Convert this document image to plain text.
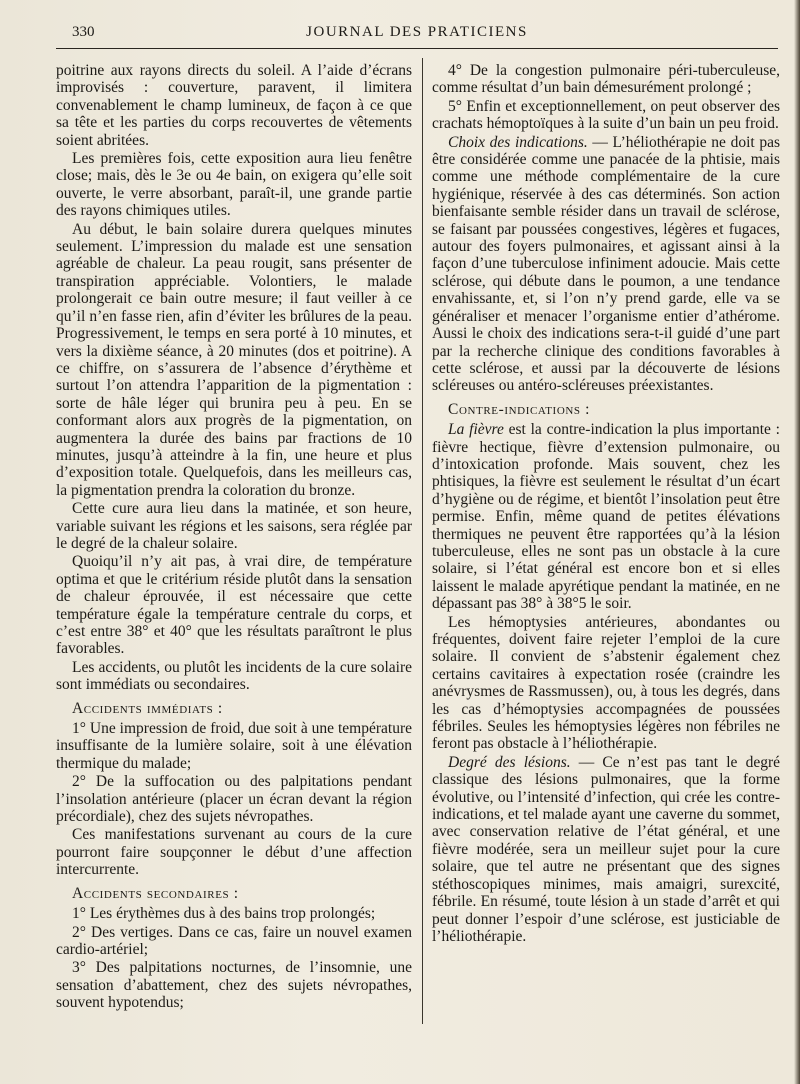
330	JOURNAL DES PRATICIENS

poitrine aux rayons directs du soleil. A l’aide d’écrans improvisés : couverture, paravent, il limitera convenablement le champ lumineux, de façon à ce que sa tête et les parties du corps recouvertes de vêtements soient abritées.

Les premières fois, cette exposition aura lieu fenêtre close; mais, dès le 3e ou 4e bain, on exigera qu’elle soit ouverte, le verre absorbant, paraît-il, une grande partie des rayons chimiques utiles.

Au début, le bain solaire durera quelques minutes seulement. L’impression du malade est une sensation agréable de chaleur. La peau rougit, sans présenter de transpiration appréciable. Volontiers, le malade prolongerait ce bain outre mesure; il faut veiller à ce qu’il n’en fasse rien, afin d’éviter les brûlures de la peau. Progressivement, le temps en sera porté à 10 minutes, et vers la dixième séance, à 20 minutes (dos et poitrine). A ce chiffre, on s’assurera de l’absence d’érythème et surtout l’on attendra l’apparition de la pigmentation : sorte de hâle léger qui brunira peu à peu. En se conformant alors aux progrès de la pigmentation, on augmentera la durée des bains par fractions de 10 minutes, jusqu’à atteindre à la fin, une heure et plus d’exposition totale. Quelquefois, dans les meilleurs cas, la pigmentation prendra la coloration du bronze.

Cette cure aura lieu dans la matinée, et son heure, variable suivant les régions et les saisons, sera réglée par le degré de la chaleur solaire.

Quoiqu’il n’y ait pas, à vrai dire, de température optima et que le critérium réside plutôt dans la sensation de chaleur éprouvée, il est nécessaire que cette température égale la température centrale du corps, et c’est entre 38° et 40° que les résultats paraîtront le plus favorables.

Les accidents, ou plutôt les incidents de la cure solaire sont immédiats ou secondaires.

Accidents immédiats :

1° Une impression de froid, due soit à une température insuffisante de la lumière solaire, soit à une élévation thermique du malade;

2° De la suffocation ou des palpitations pendant l’insolation antérieure (placer un écran devant la région précordiale), chez des sujets névropathes.

Ces manifestations survenant au cours de la cure pourront faire soupçonner le début d’une affection intercurrente.

Accidents secondaires :

1° Les érythèmes dus à des bains trop prolongés;

2° Des vertiges. Dans ce cas, faire un nouvel examen cardio-artériel;

3° Des palpitations nocturnes, de l’insomnie, une sensation d’abattement, chez des sujets névropathes, souvent hypotendus;

4° De la congestion pulmonaire péri-tuberculeuse, comme résultat d’un bain démesurément prolongé ;

5° Enfin et exceptionnellement, on peut observer des crachats hémoptoïques à la suite d’un bain un peu froid.

Choix des indications. — L’héliothérapie ne doit pas être considérée comme une panacée de la phtisie, mais comme une méthode complémentaire de la cure hygiénique, réservée à des cas déterminés. Son action bienfaisante semble résider dans un travail de sclérose, se faisant par poussées congestives, légères et fugaces, autour des foyers pulmonaires, et agissant ainsi à la façon d’une tuberculose infiniment adoucie. Mais cette sclérose, qui débute dans le poumon, a une tendance envahissante, et, si l’on n’y prend garde, elle va se généraliser et menacer l’organisme entier d’athérome. Aussi le choix des indications sera-t-il guidé d’une part par la recherche clinique des conditions favorables à cette sclérose, et aussi par la découverte de lésions scléreuses ou antéro-scléreuses préexistantes.

Contre-indications :

La fièvre est la contre-indication la plus importante : fièvre hectique, fièvre d’extension pulmonaire, ou d’intoxication profonde. Mais souvent, chez les phtisiques, la fièvre est seulement le résultat d’un écart d’hygiène ou de régime, et bientôt l’insolation peut être permise. Enfin, même quand de petites élévations thermiques ne peuvent être rapportées qu’à la lésion tuberculeuse, elles ne sont pas un obstacle à la cure solaire, si l’état général est encore bon et si elles laissent le malade apyrétique pendant la matinée, en ne dépassant pas 38° à 38°5 le soir.

Les hémoptysies antérieures, abondantes ou fréquentes, doivent faire rejeter l’emploi de la cure solaire. Il convient de s’abstenir également chez certains cavitaires à expectation rosée (craindre les anévrysmes de Rassmussen), ou, à tous les degrés, dans les cas d’hémoptysies accompagnées de poussées fébriles. Seules les hémoptysies légères non fébriles ne feront pas obstacle à l’héliothérapie.

Degré des lésions. — Ce n’est pas tant le degré classique des lésions pulmonaires, que la forme évolutive, ou l’intensité d’infection, qui crée les contre-indications, et tel malade ayant une caverne du sommet, avec conservation relative de l’état général, et une fièvre modérée, sera un meilleur sujet pour la cure solaire, que tel autre ne présentant que des signes stéthoscopiques minimes, mais amaigri, surexcité, fébrile. En résumé, toute lésion à un stade d’arrêt et qui peut donner l’espoir d’une sclérose, est justiciable de l’héliothérapie.
